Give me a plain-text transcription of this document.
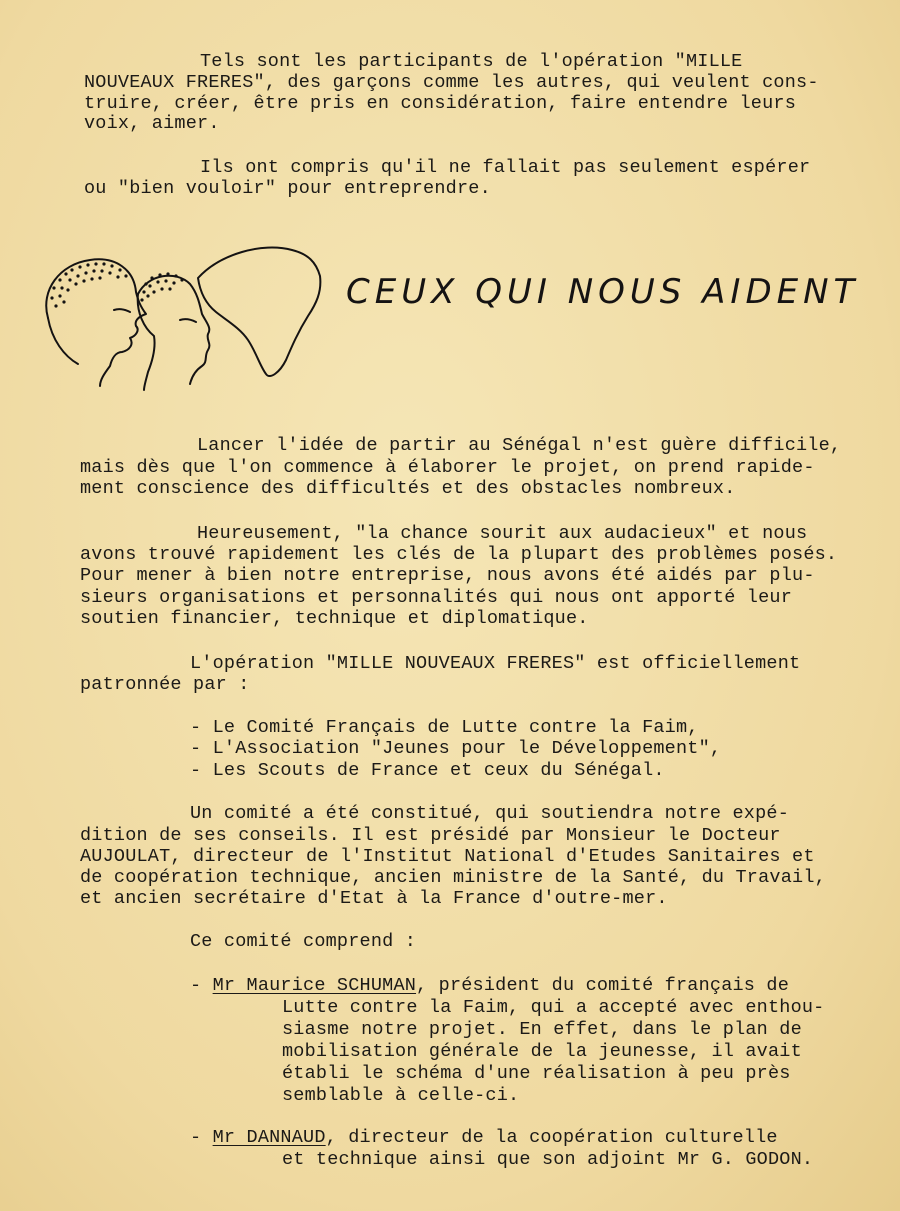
Tels sont les participants de l'opération "MILLE
NOUVEAUX FRERES", des garçons comme les autres, qui veulent cons-
truire, créer, être pris en considération, faire entendre leurs
voix, aimer.
Ils ont compris qu'il ne fallait pas seulement espérer
ou "bien vouloir" pour entreprendre.
CEUX QUI NOUS AIDENT
Lancer l'idée de partir au Sénégal n'est guère difficile,
mais dès que l'on commence à élaborer le projet, on prend rapide-
ment conscience des difficultés et des obstacles nombreux.
Heureusement, "la chance sourit aux audacieux" et nous
avons trouvé rapidement les clés de la plupart des problèmes posés.
Pour mener à bien notre entreprise, nous avons été aidés par plu-
sieurs organisations et personnalités qui nous ont apporté leur
soutien financier, technique et diplomatique.
L'opération "MILLE NOUVEAUX FRERES" est officiellement
patronnée par :
- Le Comité Français de Lutte contre la Faim,
- L'Association "Jeunes pour le Développement",
- Les Scouts de France et ceux du Sénégal.
Un comité a été constitué, qui soutiendra notre expé-
dition de ses conseils. Il est présidé par Monsieur le Docteur
AUJOULAT, directeur de l'Institut National d'Etudes Sanitaires et
de coopération technique, ancien ministre de la Santé, du Travail,
et ancien secrétaire d'Etat à la France d'outre-mer.
Ce comité comprend :
- Mr Maurice SCHUMAN, président du comité français de
Lutte contre la Faim, qui a accepté avec enthou-
siasme notre projet. En effet, dans le plan de
mobilisation générale de la jeunesse, il avait
établi le schéma d'une réalisation à peu près
semblable à celle-ci.
- Mr DANNAUD, directeur de la coopération culturelle
et technique ainsi que son adjoint Mr G. GODON.
